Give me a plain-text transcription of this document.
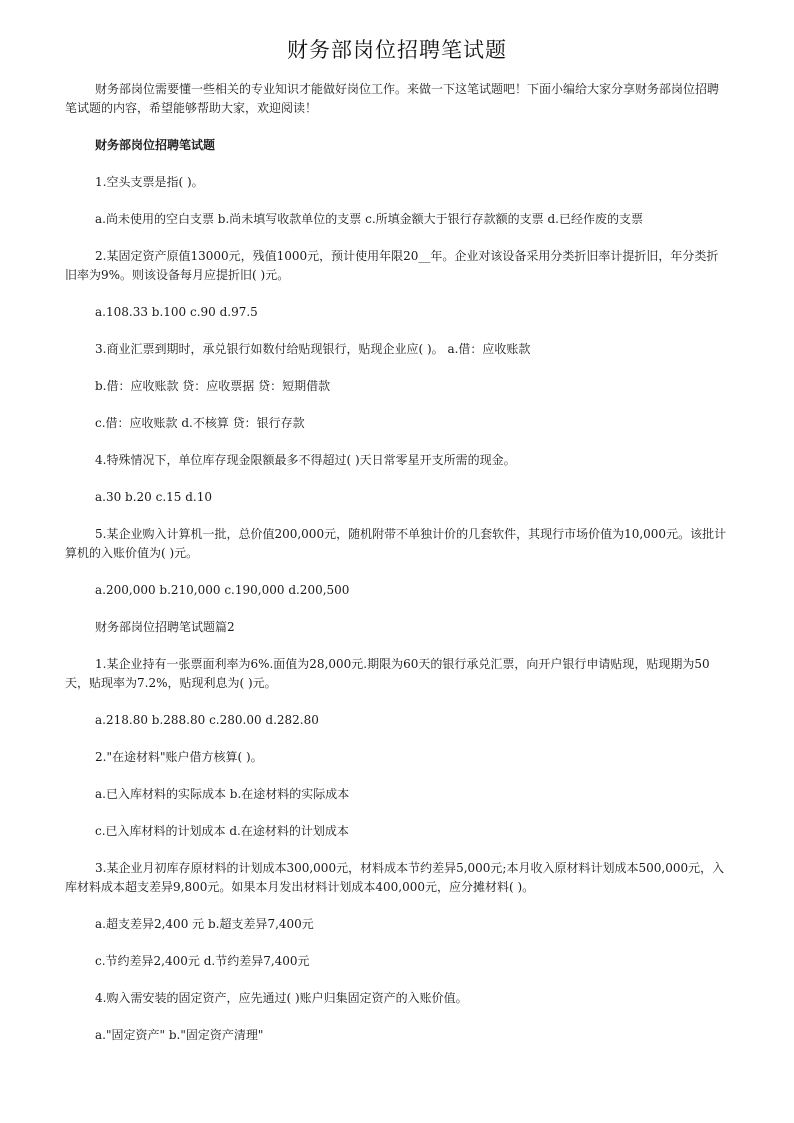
财务部岗位招聘笔试题

财务部岗位需要懂一些相关的专业知识才能做好岗位工作。来做一下这笔试题吧！下面小编给大家分享财务部岗位招聘笔试题的内容，希望能够帮助大家，欢迎阅读！

财务部岗位招聘笔试题

1.空头支票是指( )。

a.尚未使用的空白支票 b.尚未填写收款单位的支票 c.所填金额大于银行存款额的支票 d.已经作废的支票

2.某固定资产原值13000元，残值1000元，预计使用年限20__年。企业对该设备采用分类折旧率计提折旧，年分类折旧率为9%。则该设备每月应提折旧( )元。

a.108.33 b.100 c.90 d.97.5

3.商业汇票到期时，承兑银行如数付给贴现银行，贴现企业应( )。 a.借：应收账款

b.借：应收账款 贷：应收票据 贷：短期借款

c.借：应收账款 d.不核算 贷：银行存款

4.特殊情况下，单位库存现金限额最多不得超过( )天日常零星开支所需的现金。

a.30 b.20 c.15 d.10

5.某企业购入计算机一批，总价值200,000元，随机附带不单独计价的几套软件，其现行市场价值为10,000元。该批计算机的入账价值为( )元。

a.200,000 b.210,000 c.190,000 d.200,500

财务部岗位招聘笔试题篇2

1.某企业持有一张票面利率为6%.面值为28,000元.期限为60天的银行承兑汇票，向开户银行申请贴现，贴现期为50天，贴现率为7.2%，贴现利息为( )元。

a.218.80 b.288.80 c.280.00 d.282.80

2."在途材料"账户借方核算( )。

a.已入库材料的实际成本 b.在途材料的实际成本

c.已入库材料的计划成本 d.在途材料的计划成本

3.某企业月初库存原材料的计划成本300,000元，材料成本节约差异5,000元;本月收入原材料计划成本500,000元，入库材料成本超支差异9,800元。如果本月发出材料计划成本400,000元，应分摊材料( )。

a.超支差异2,400 元 b.超支差异7,400元

c.节约差异2,400元 d.节约差异7,400元

4.购入需安装的固定资产，应先通过( )账户归集固定资产的入账价值。

a."固定资产" b."固定资产清理"
